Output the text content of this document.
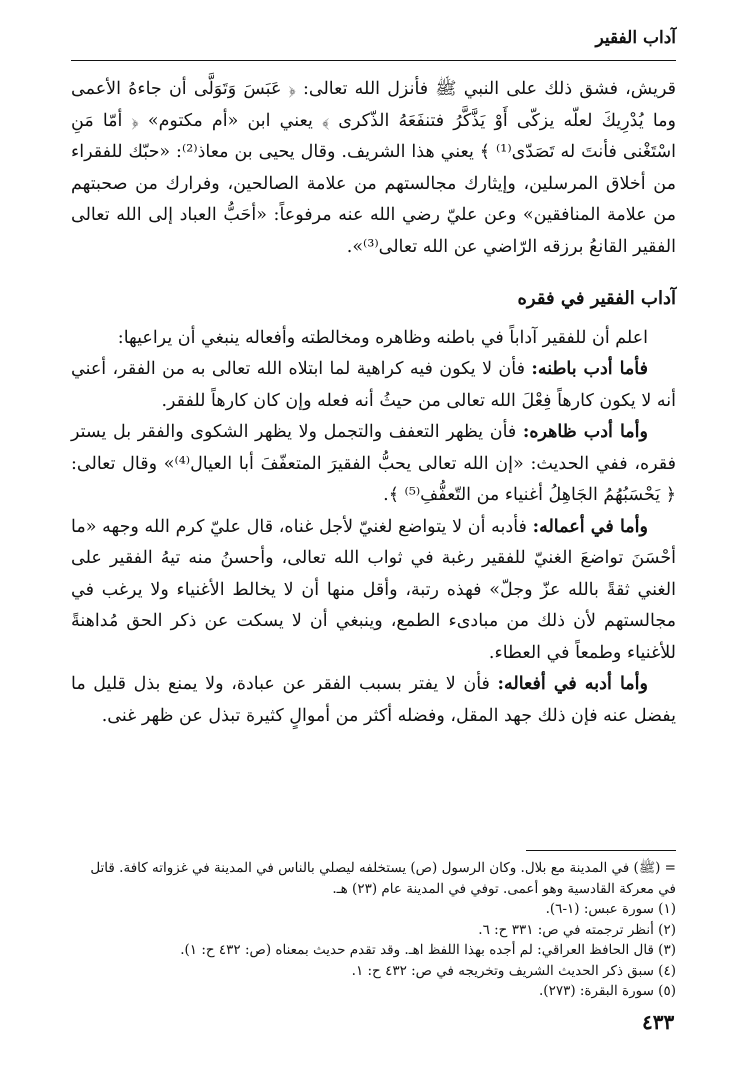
آداب الفقير

قريش، فشق ذلك على النبي ﷺ فأنزل الله تعالى: ﴿ عَبَسَ وَتَوَلَّى أن جاءهُ الأعمى وما يُدْرِيكَ لعلّه يزكّى أَوْ يَذَّكَّرُ فتنفَعَهُ الذّكرى ﴾ يعني ابن «أم مكتوم» ﴿ أمّا مَنِ اسْتَغْنى فأنتَ له تَصَدّى⁽¹⁾ ﴾ يعني هذا الشريف. وقال يحيى بن معاذ⁽²⁾: «حبّك للفقراء من أخلاق المرسلين، وإيثارك مجالستهم من علامة الصالحين، وفرارك من صحبتهم من علامة المنافقين» وعن عليّ رضي الله عنه مرفوعاً: «أحَبُّ العباد إلى الله تعالى الفقير القانعُ برزقه الرّاضي عن الله تعالى⁽³⁾».

آداب الفقير في فقره

اعلم أن للفقير آداباً في باطنه وظاهره ومخالطته وأفعاله ينبغي أن يراعيها:

فأما أدب باطنه: فأن لا يكون فيه كراهية لما ابتلاه الله تعالى به من الفقر، أعني أنه لا يكون كارهاً فِعْلَ الله تعالى من حيثُ أنه فعله وإن كان كارهاً للفقر.

وأما أدب ظاهره: فأن يظهر التعفف والتجمل ولا يظهر الشكوى والفقر بل يستر فقره، ففي الحديث: «إن الله تعالى يحبُّ الفقيرَ المتعفّفَ أبا العيال⁽⁴⁾» وقال تعالى: ﴿ يَحْسَبُهُمُ الجَاهِلُ أغنياء من التّعفُّفِ⁽⁵⁾ ﴾.

وأما في أعماله: فأدبه أن لا يتواضع لغنيّ لأجل غناه، قال عليّ كرم الله وجهه «ما أحْسَنَ تواضعَ الغنيّ للفقير رغبة في ثواب الله تعالى، وأحسنُ منه تيهُ الفقير على الغني ثقةً بالله عزّ وجلّ» فهذه رتبة، وأقل منها أن لا يخالط الأغنياء ولا يرغب في مجالستهم لأن ذلك من مبادىء الطمع، وينبغي أن لا يسكت عن ذكر الحق مُداهنةً للأغنياء وطمعاً في العطاء.

وأما أدبه في أفعاله: فأن لا يفتر بسبب الفقر عن عبادة، ولا يمنع بذل قليل ما يفضل عنه فإن ذلك جهد المقل، وفضله أكثر من أموالٍ كثيرة تبذل عن ظهر غنى.

= (ﷺ) في المدينة مع بلال. وكان الرسول (ص) يستخلفه ليصلي بالناس في المدينة في غزواته كافة. قاتل في معركة القادسية وهو أعمى. توفي في المدينة عام (٢٣) هـ.

(١) سورة عبس: (١-٦).

(٢) أنظر ترجمته في ص: ٣٣١ ح: ٦.

(٣) قال الحافظ العراقي: لم أجده بهذا اللفظ اهـ. وقد تقدم حديث بمعناه (ص: ٤٣٢ ح: ١).

(٤) سبق ذكر الحديث الشريف وتخريجه في ص: ٤٣٢ ح: ١.

(٥) سورة البقرة: (٢٧٣).

٤٣٣
